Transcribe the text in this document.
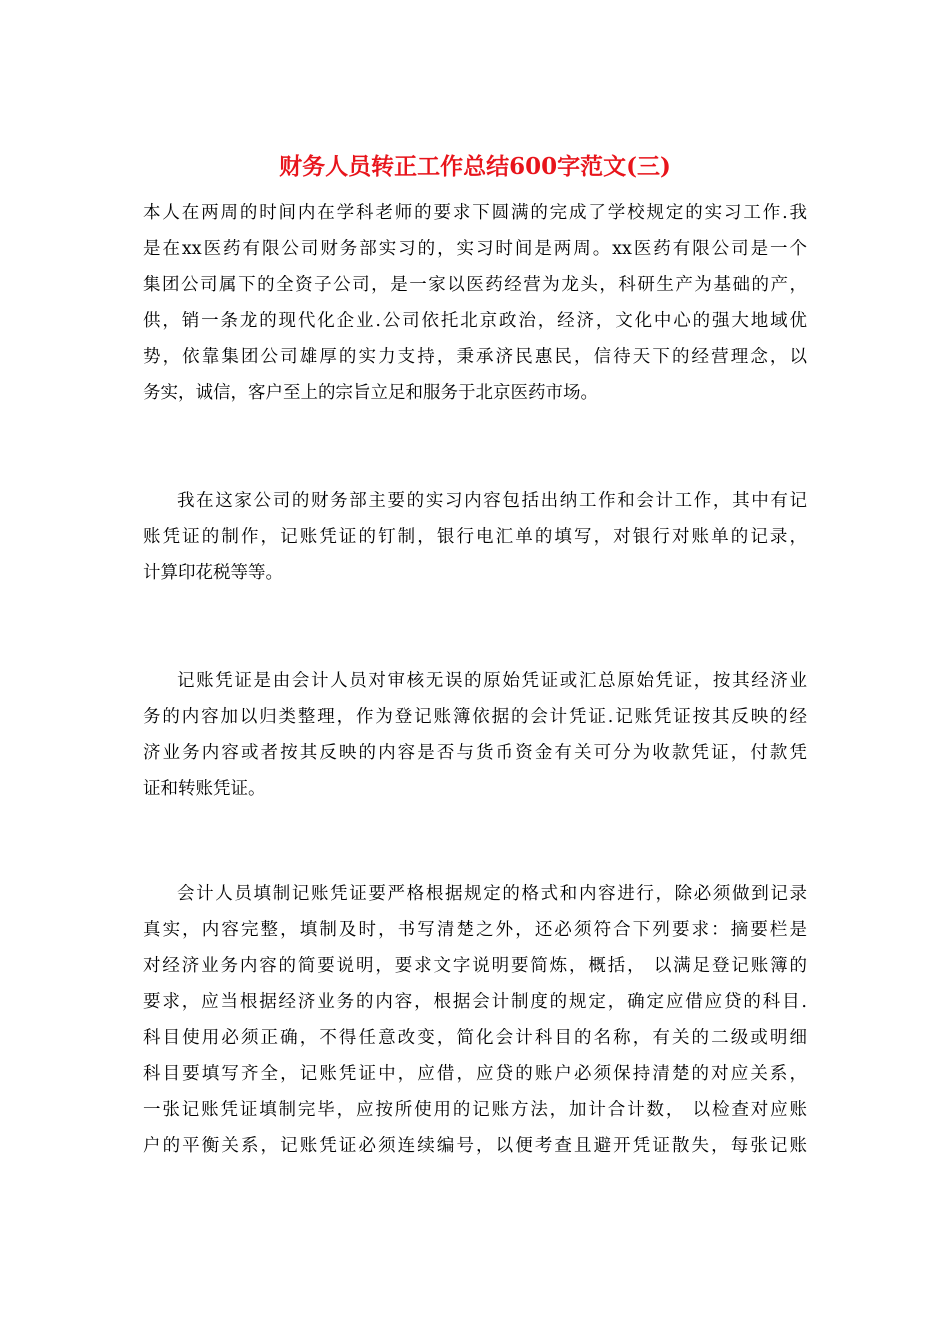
财务人员转正工作总结600字范文(三)
本人在两周的时间内在学科老师的要求下圆满的完成了学校规定的实习工作.我
是在xx医药有限公司财务部实习的，实习时间是两周。xx医药有限公司是一个
集团公司属下的全资子公司，是一家以医药经营为龙头，科研生产为基础的产，
供，销一条龙的现代化企业.公司依托北京政治，经济，文化中心的强大地域优
势，依靠集团公司雄厚的实力支持，秉承济民惠民，信待天下的经营理念，以
务实，诚信，客户至上的宗旨立足和服务于北京医药市场。
我在这家公司的财务部主要的实习内容包括出纳工作和会计工作，其中有记
账凭证的制作，记账凭证的钉制，银行电汇单的填写，对银行对账单的记录，
计算印花税等等。
记账凭证是由会计人员对审核无误的原始凭证或汇总原始凭证，按其经济业
务的内容加以归类整理，作为登记账簿依据的会计凭证.记账凭证按其反映的经
济业务内容或者按其反映的内容是否与货币资金有关可分为收款凭证，付款凭
证和转账凭证。
会计人员填制记账凭证要严格根据规定的格式和内容进行，除必须做到记录
真实，内容完整，填制及时，书写清楚之外，还必须符合下列要求：摘要栏是
对经济业务内容的简要说明，要求文字说明要简炼，概括， 以满足登记账簿的
要求，应当根据经济业务的内容，根据会计制度的规定，确定应借应贷的科目.
科目使用必须正确，不得任意改变，简化会计科目的名称，有关的二级或明细
科目要填写齐全，记账凭证中，应借，应贷的账户必须保持清楚的对应关系，
一张记账凭证填制完毕，应按所使用的记账方法，加计合计数， 以检查对应账
户的平衡关系，记账凭证必须连续编号，以便考查且避开凭证散失，每张记账
